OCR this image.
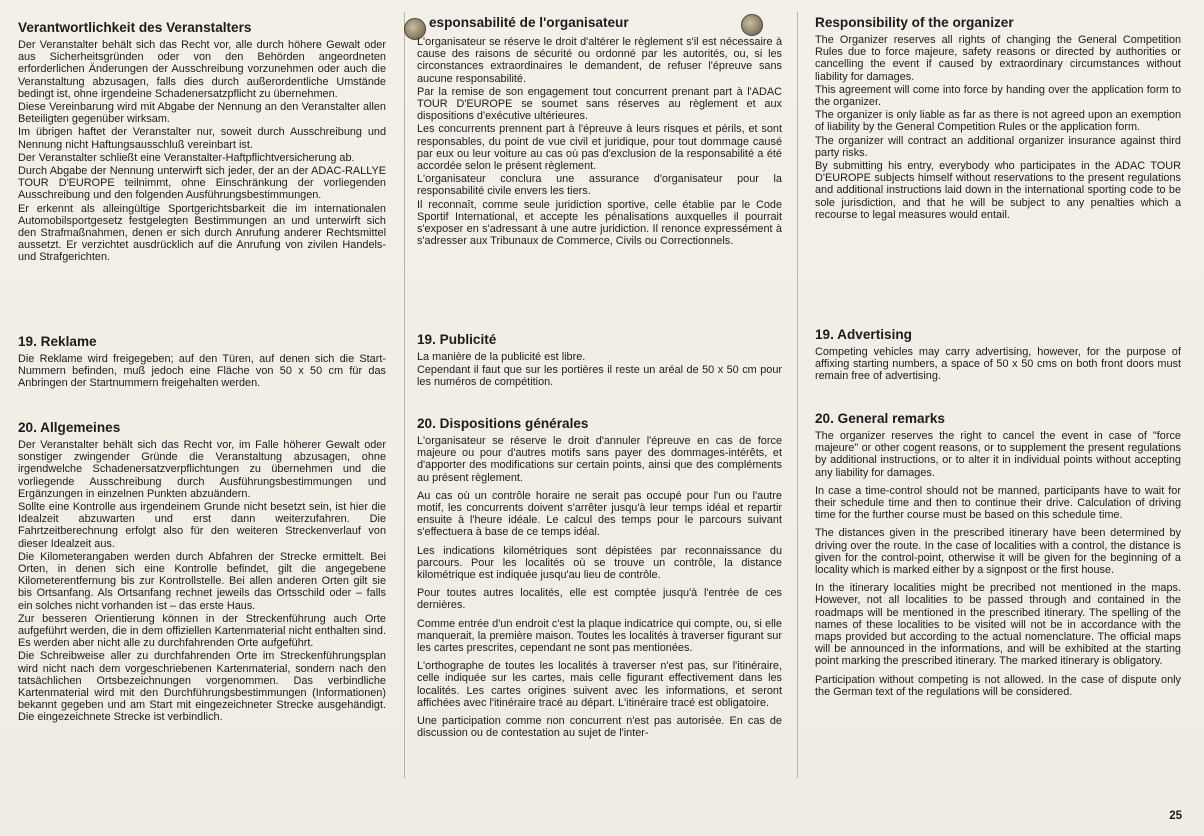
Verantwortlichkeit des Veranstalters

Der Veranstalter behält sich das Recht vor, alle durch höhere Gewalt oder aus Sicherheitsgründen oder von den Behörden angeordneten erforderlichen Änderungen der Ausschreibung vorzunehmen oder auch die Veranstaltung abzusagen, falls dies durch außerordentliche Umstände bedingt ist, ohne irgendeine Schadenersatzpflicht zu übernehmen.

Diese Vereinbarung wird mit Abgabe der Nennung an den Veranstalter allen Beteiligten gegenüber wirksam.

Im übrigen haftet der Veranstalter nur, soweit durch Ausschreibung und Nennung nicht Haftungsausschluß vereinbart ist.

Der Veranstalter schließt eine Veranstalter-Haftpflichtversicherung ab.

Durch Abgabe der Nennung unterwirft sich jeder, der an der ADAC-RALLYE TOUR D'EUROPE teilnimmt, ohne Einschränkung der vorliegenden Ausschreibung und den folgenden Ausführungsbestimmungen.

Er erkennt als alleingültige Sportgerichtsbarkeit die im internationalen Automobilsportgesetz festgelegten Bestimmungen an und unterwirft sich den Strafmaßnahmen, denen er sich durch Anrufung anderer Rechtsmittel aussetzt. Er verzichtet ausdrücklich auf die Anrufung von zivilen Handels- und Strafgerichten.

19. Reklame

Die Reklame wird freigegeben; auf den Türen, auf denen sich die Start-Nummern befinden, muß jedoch eine Fläche von 50 x 50 cm für das Anbringen der Startnummern freigehalten werden.

20. Allgemeines

Der Veranstalter behält sich das Recht vor, im Falle höherer Gewalt oder sonstiger zwingender Gründe die Veranstaltung abzusagen, ohne irgendwelche Schadenersatzverpflichtungen zu übernehmen und die vorliegende Ausschreibung durch Ausführungsbestimmungen und Ergänzungen in einzelnen Punkten abzuändern.

Sollte eine Kontrolle aus irgendeinem Grunde nicht besetzt sein, ist hier die Idealzeit abzuwarten und erst dann weiterzufahren. Die Fahrtzeitberechnung erfolgt also für den weiteren Streckenverlauf von dieser Idealzeit aus.

Die Kilometerangaben werden durch Abfahren der Strecke ermittelt. Bei Orten, in denen sich eine Kontrolle befindet, gilt die angegebene Kilometerentfernung bis zur Kontrollstelle. Bei allen anderen Orten gilt sie bis Ortsanfang. Als Ortsanfang rechnet jeweils das Ortsschild oder – falls ein solches nicht vorhanden ist – das erste Haus.

Zur besseren Orientierung können in der Streckenführung auch Orte aufgeführt werden, die in dem offiziellen Kartenmaterial nicht enthalten sind. Es werden aber nicht alle zu durchfahrenden Orte aufgeführt.

Die Schreibweise aller zu durchfahrenden Orte im Streckenführungsplan wird nicht nach dem vorgeschriebenen Kartenmaterial, sondern nach den tatsächlichen Ortsbezeichnungen vorgenommen. Das verbindliche Kartenmaterial wird mit den Durchführungsbestimmungen (Informationen) bekannt gegeben und am Start mit eingezeichneter Strecke ausgehändigt. Die eingezeichnete Strecke ist verbindlich.

esponsabilité de l'organisateur

L'organisateur se réserve le droit d'altérer le règlement s'il est nécessaire à cause des raisons de sécurité ou ordonné par les autorités, ou, si les circonstances extraordinaires le demandent, de refuser l'épreuve sans aucune responsabilité.

Par la remise de son engagement tout concurrent prenant part à l'ADAC TOUR D'EUROPE se soumet sans réserves au règlement et aux dispositions d'exécutive ultérieures.

Les concurrents prennent part à l'épreuve à leurs risques et périls, et sont responsables, du point de vue civil et juridique, pour tout dommage causé par eux ou leur voiture au cas où pas d'exclusion de la responsabilité a été accordée selon le présent règlement.

L'organisateur conclura une assurance d'organisateur pour la responsabilité civile envers les tiers.

Il reconnaît, comme seule juridiction sportive, celle établie par le Code Sportif International, et accepte les pénalisations auxquelles il pourrait s'exposer en s'adressant à une autre juridiction. Il renonce expressément à s'adresser aux Tribunaux de Commerce, Civils ou Correctionnels.

19. Publicité

La manière de la publicité est libre.

Cependant il faut que sur les portières il reste un aréal de 50 x 50 cm pour les numéros de compétition.

20. Dispositions générales

L'organisateur se réserve le droit d'annuler l'épreuve en cas de force majeure ou pour d'autres motifs sans payer des dommages-intérêts, et d'apporter des modifications sur certain points, ainsi que des compléments au présent règlement.

Au cas où un contrôle horaire ne serait pas occupé pour l'un ou l'autre motif, les concurrents doivent s'arrêter jusqu'à leur temps idéal et repartir ensuite à l'heure idéale. Le calcul des temps pour le parcours suivant s'effectuera à base de ce temps idéal.

Les indications kilométriques sont dépistées par reconnaissance du parcours. Pour les localités où se trouve un contrôle, la distance kilométrique est indiquée jusqu'au lieu de contrôle.

Pour toutes autres localités, elle est comptée jusqu'à l'entrée de ces dernières.

Comme entrée d'un endroit c'est la plaque indicatrice qui compte, ou, si elle manquerait, la première maison. Toutes les localités à traverser figurant sur les cartes prescrites, cependant ne sont pas mentionées.

L'orthographe de toutes les localités à traverser n'est pas, sur l'itinéraire, celle indiquée sur les cartes, mais celle figurant effectivement dans les localités. Les cartes origines suivent avec les informations, et seront affichées avec l'itinéraire tracé au départ. L'itinéraire tracé est obligatoire.

Une participation comme non concurrent n'est pas autorisée. En cas de discussion ou de contestation au sujet de l'inter-

Responsibility of the organizer

The Organizer reserves all rights of changing the General Competition Rules due to force majeure, safety reasons or directed by authorities or cancelling the event if caused by extraordinary circumstances without liability for damages.

This agreement will come into force by handing over the application form to the organizer.

The organizer is only liable as far as there is not agreed upon an exemption of liability by the General Competition Rules or the application form.

The organizer will contract an additional organizer insurance against third party risks.

By submitting his entry, everybody who participates in the ADAC TOUR D'EUROPE subjects himself without reservations to the present regulations and additional instructions laid down in the international sporting code to be sole jurisdiction, and that he will be subject to any penalties which a recourse to legal measures would entail.

19. Advertising

Competing vehicles may carry advertising, however, for the purpose of affixing starting numbers, a space of 50 x 50 cms on both front doors must remain free of advertising.

20. General remarks

The organizer reserves the right to cancel the event in case of "force majeure" or other cogent reasons, or to supplement the present regulations by additional instructions, or to alter it in individual points without accepting any liability for damages.

In case a time-control should not be manned, participants have to wait for their schedule time and then to continue their drive. Calculation of driving time for the further course must be based on this schedule time.

The distances given in the prescribed itinerary have been determined by driving over the route. In the case of localities with a control, the distance is given for the control-point, otherwise it will be given for the beginning of a locality which is marked either by a signpost or the first house.

In the itinerary localities might be precribed not mentioned in the maps. However, not all localities to be passed through and contained in the roadmaps will be mentioned in the prescribed itinerary. The spelling of the names of these localities to be visited will not be in accordance with the maps provided but according to the actual nomenclature. The official maps will be announced in the informations, and will be exhibited at the starting point marking the prescribed itinerary. The marked itinerary is obligatory.

Participation without competing is not allowed. In the case of dispute only the German text of the regulations will be considered.

25
